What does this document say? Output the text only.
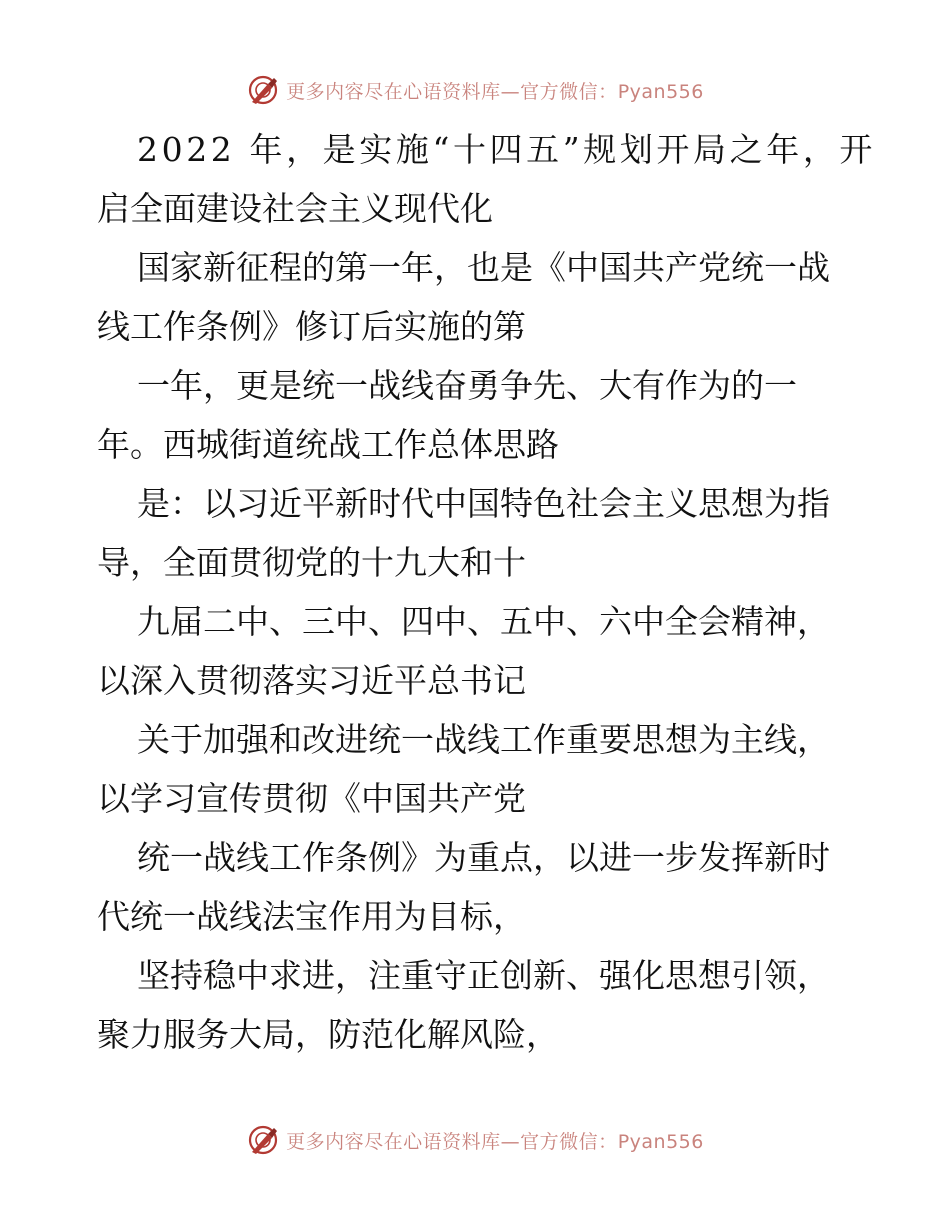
更多内容尽在心语资料库—官方微信：Pyan556
2022 年，是实施“十四五”规划开局之年，开
启全面建设社会主义现代化
国家新征程的第一年，也是《中国共产党统一战
线工作条例》修订后实施的第
一年，更是统一战线奋勇争先、大有作为的一
年。西城街道统战工作总体思路
是：以习近平新时代中国特色社会主义思想为指
导，全面贯彻党的十九大和十
九届二中、三中、四中、五中、六中全会精神，
以深入贯彻落实习近平总书记
关于加强和改进统一战线工作重要思想为主线，
以学习宣传贯彻《中国共产党
统一战线工作条例》为重点，以进一步发挥新时
代统一战线法宝作用为目标，
坚持稳中求进，注重守正创新、强化思想引领，
聚力服务大局，防范化解风险，
更多内容尽在心语资料库—官方微信：Pyan556
